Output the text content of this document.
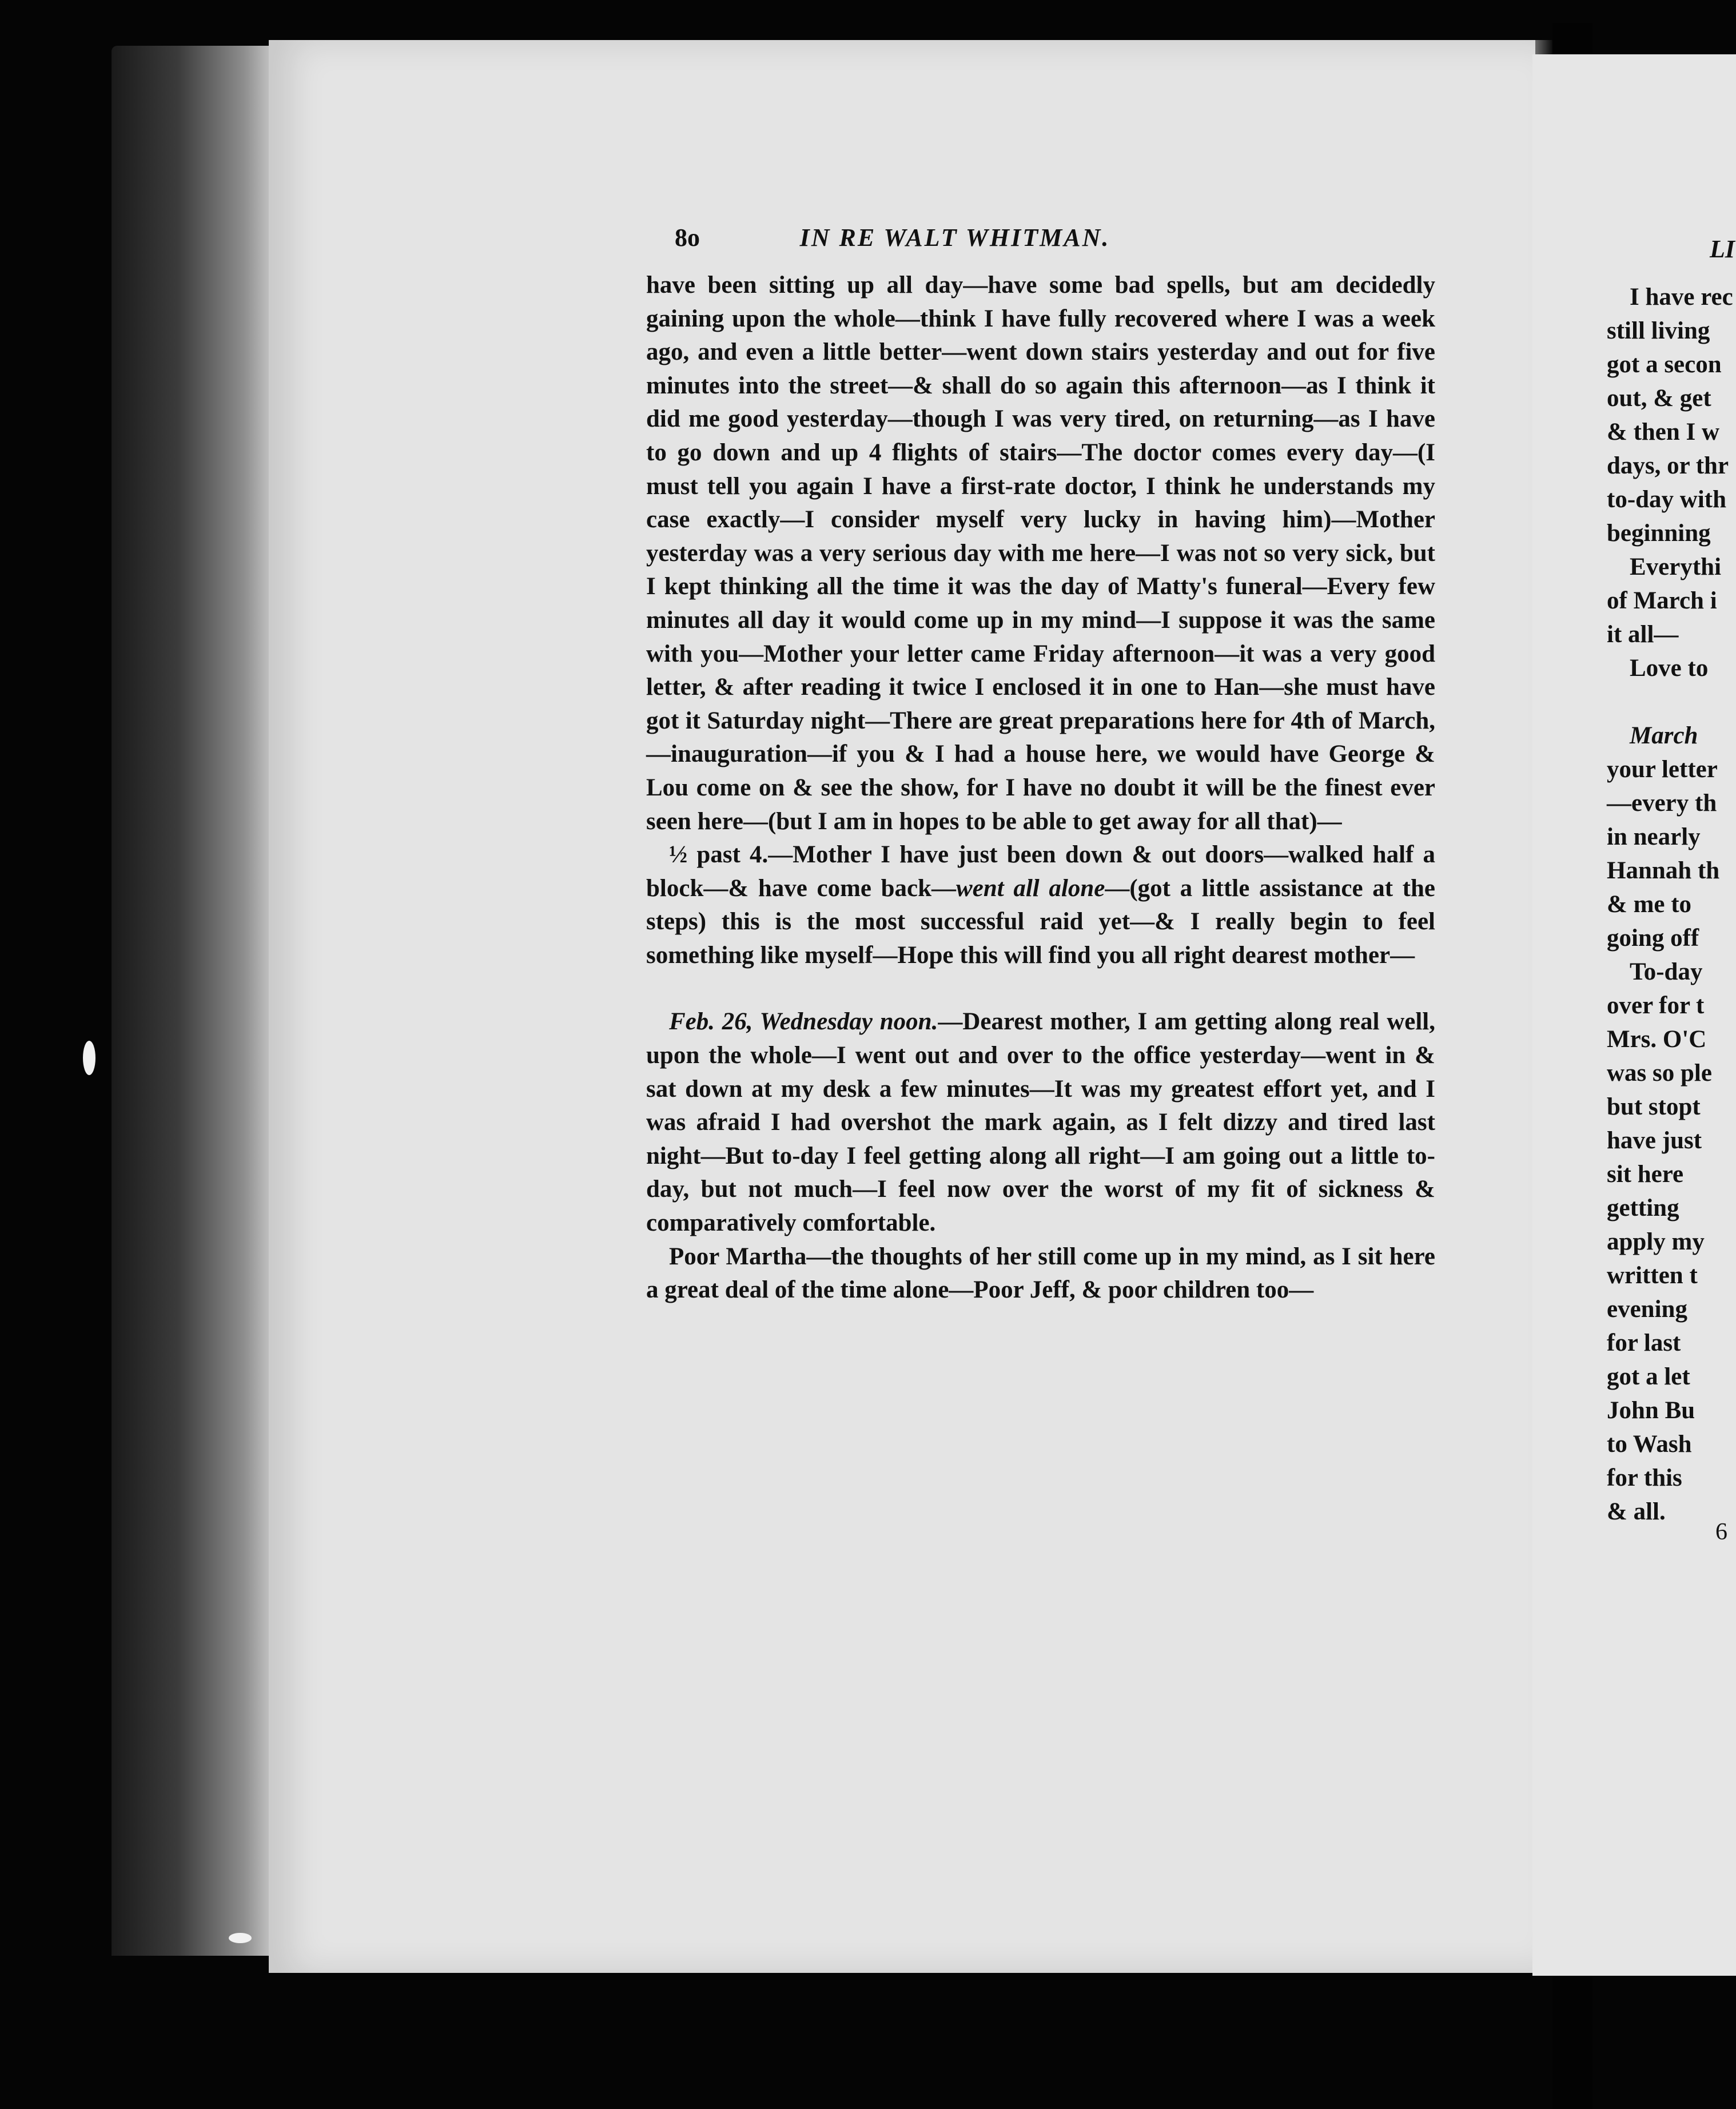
8o	IN RE WALT WHITMAN.

have been sitting up all day—have some bad spells, but am decidedly gaining upon the whole—think I have fully recovered where I was a week ago, and even a little better—went down stairs yesterday and out for five minutes into the street—& shall do so again this afternoon—as I think it did me good yesterday—though I was very tired, on returning—as I have to go down and up 4 flights of stairs—The doctor comes every day—(I must tell you again I have a first-rate doctor, I think he understands my case exactly—I consider myself very lucky in having him)—Mother yesterday was a very serious day with me here—I was not so very sick, but I kept thinking all the time it was the day of Matty's funeral—Every few minutes all day it would come up in my mind—I suppose it was the same with you—Mother your letter came Friday afternoon—it was a very good letter, & after reading it twice I enclosed it in one to Han—she must have got it Saturday night—There are great preparations here for 4th of March,—inauguration—if you & I had a house here, we would have George & Lou come on & see the show, for I have no doubt it will be the finest ever seen here—(but I am in hopes to be able to get away for all that)—

½ past 4.—Mother I have just been down & out doors—walked half a block—& have come back—went all alone—(got a little assistance at the steps) this is the most successful raid yet—& I really begin to feel something like myself—Hope this will find you all right dearest mother—

Feb. 26, Wednesday noon.—Dearest mother, I am getting along real well, upon the whole—I went out and over to the office yesterday—went in & sat down at my desk a few minutes—It was my greatest effort yet, and I was afraid I had overshot the mark again, as I felt dizzy and tired last night—But to-day I feel getting along all right—I am going out a little to-day, but not much—I feel now over the worst of my fit of sickness & comparatively comfortable.

Poor Martha—the thoughts of her still come up in my mind, as I sit here a great deal of the time alone—Poor Jeff, & poor children too—

LI
I have rec
still living
got a secon
out, & get
& then I w
days, or thr
to-day with
beginning
Everythi
of March i
it all—
Love to
March
your letter
—every th
in nearly
Hannah th
& me to
going off
To-day
over for t
Mrs. O'C
was so ple
but stopt
have just
sit here
getting
apply my
written t
evening
for last
got a let
John Bu
to Wash
for this
& all.
6
